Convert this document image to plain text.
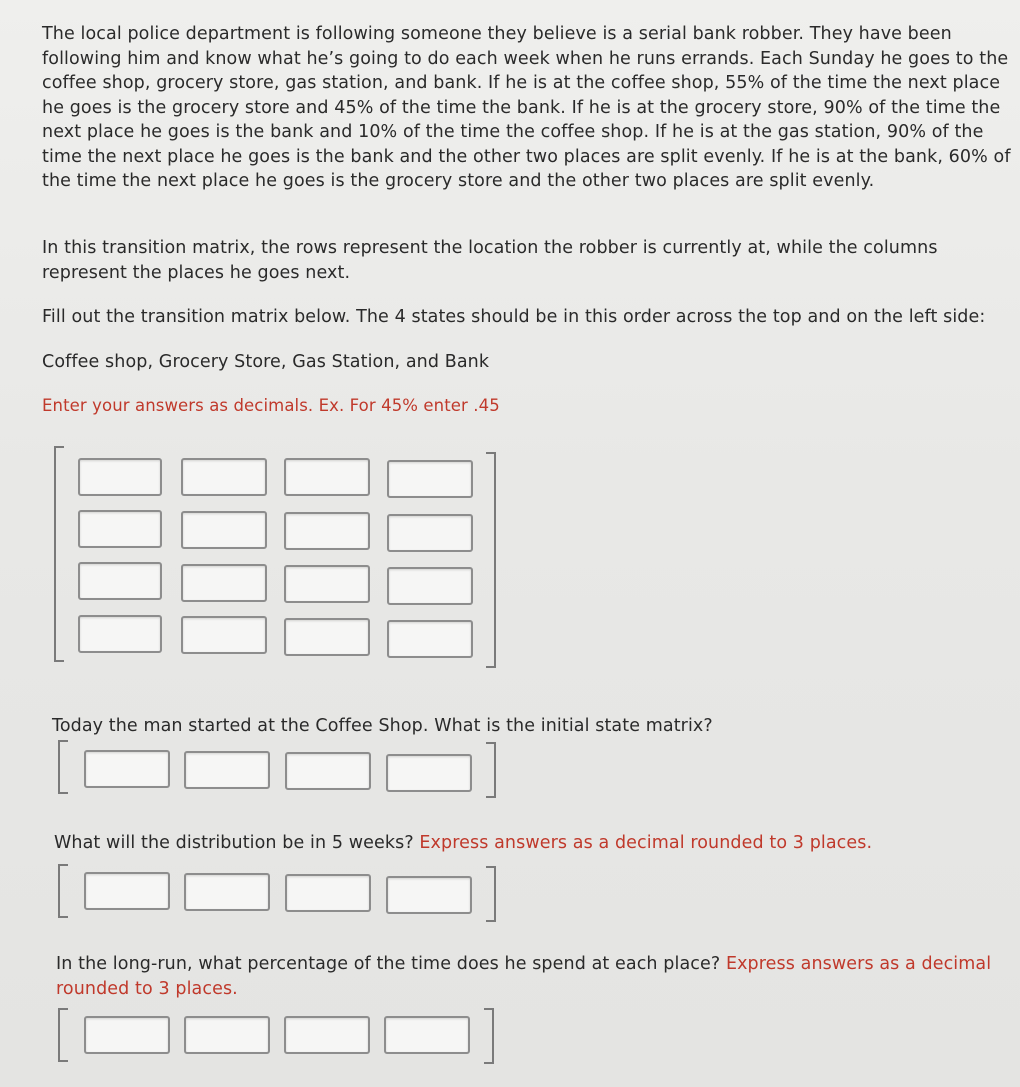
The local police department is following someone they believe is a serial bank robber. They have been following him and know what he’s going to do each week when he runs errands. Each Sunday he goes to the coffee shop, grocery store, gas station, and bank. If he is at the coffee shop, 55% of the time the next place he goes is the grocery store and 45% of the time the bank. If he is at the grocery store, 90% of the time the next place he goes is the bank and 10% of the time the coffee shop. If he is at the gas station, 90% of the time the next place he goes is the bank and the other two places are split evenly. If he is at the bank, 60% of the time the next place he goes is the grocery store and the other two places are split evenly.

In this transition matrix, the rows represent the location the robber is currently at, while the columns represent the places he goes next.

Fill out the transition matrix below. The 4 states should be in this order across the top and on the left side:

Coffee shop, Grocery Store, Gas Station, and Bank

Enter your answers as decimals. Ex. For 45% enter .45

Today the man started at the Coffee Shop. What is the initial state matrix?

What will the distribution be in 5 weeks? Express answers as a decimal rounded to 3 places.

In the long-run, what percentage of the time does he spend at each place? Express answers as a decimal rounded to 3 places.
